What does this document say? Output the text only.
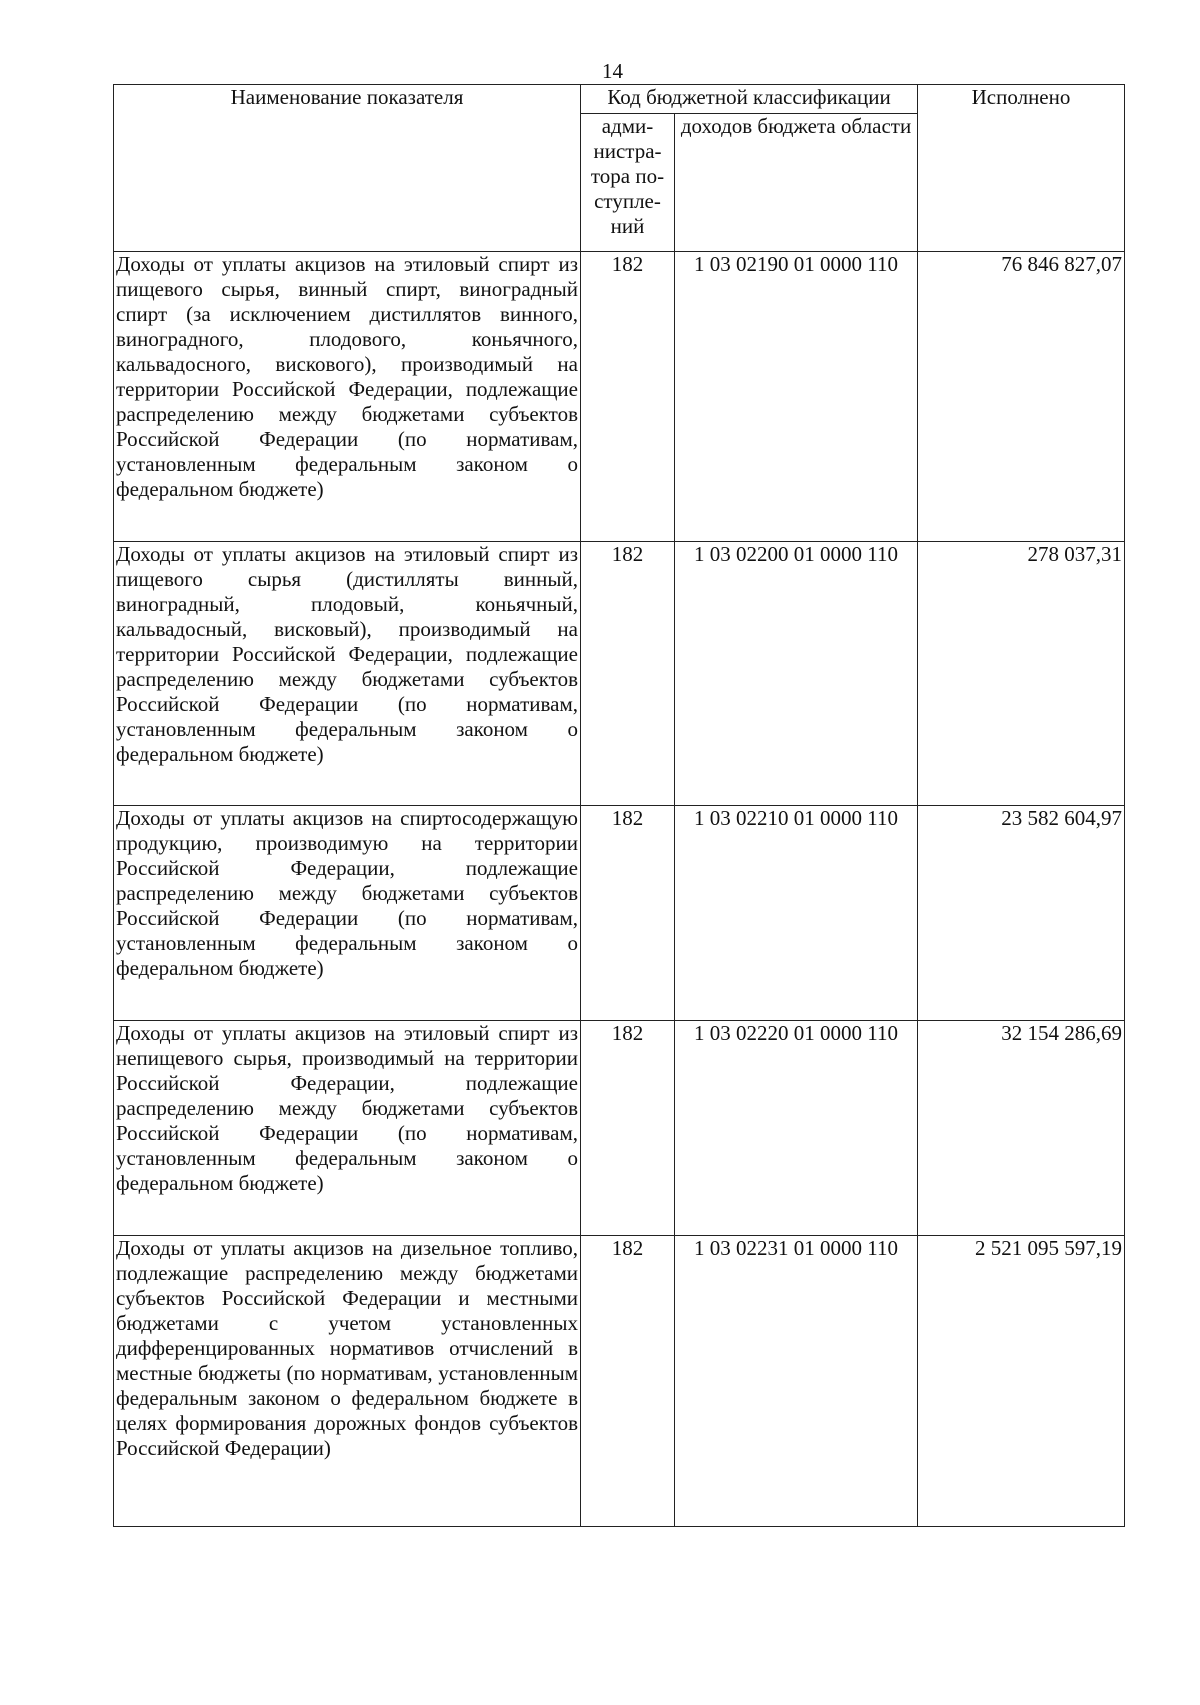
14
Наименование показателя	Код бюджетной классификации		Исполнено
	адми-нистра-тора по-ступле-ний	доходов бюджета области	
Доходы от уплаты акцизов на этиловый спирт из пищевого сырья, винный спирт, виноградный спирт (за исключением дистиллятов винного, виноградного, плодового, коньячного, кальвадосного, вискового), производимый на территории Российской Федерации, подлежащие распределению между бюджетами субъектов Российской Федерации (по нормативам, установленным федеральным законом о федеральном бюджете)	182	1 03 02190 01 0000 110	76 846 827,07
Доходы от уплаты акцизов на этиловый спирт из пищевого сырья (дистилляты винный, виноградный, плодовый, коньячный, кальвадосный, висковый), производимый на территории Российской Федерации, подлежащие распределению между бюджетами субъектов Российской Федерации (по нормативам, установленным федеральным законом о федеральном бюджете)	182	1 03 02200 01 0000 110	278 037,31
Доходы от уплаты акцизов на спиртосодержащую продукцию, производимую на территории Российской Федерации, подлежащие распределению между бюджетами субъектов Российской Федерации (по нормативам, установленным федеральным законом о федеральном бюджете)	182	1 03 02210 01 0000 110	23 582 604,97
Доходы от уплаты акцизов на этиловый спирт из непищевого сырья, производимый на территории Российской Федерации, подлежащие распределению между бюджетами субъектов Российской Федерации (по нормативам, установленным федеральным законом о федеральном бюджете)	182	1 03 02220 01 0000 110	32 154 286,69
Доходы от уплаты акцизов на дизельное топливо, подлежащие распределению между бюджетами субъектов Российской Федерации и местными бюджетами с учетом установленных дифференцированных нормативов отчислений в местные бюджеты (по нормативам, установленным федеральным законом о федеральном бюджете в целях формирования дорожных фондов субъектов Российской Федерации)	182	1 03 02231 01 0000 110	2 521 095 597,19
